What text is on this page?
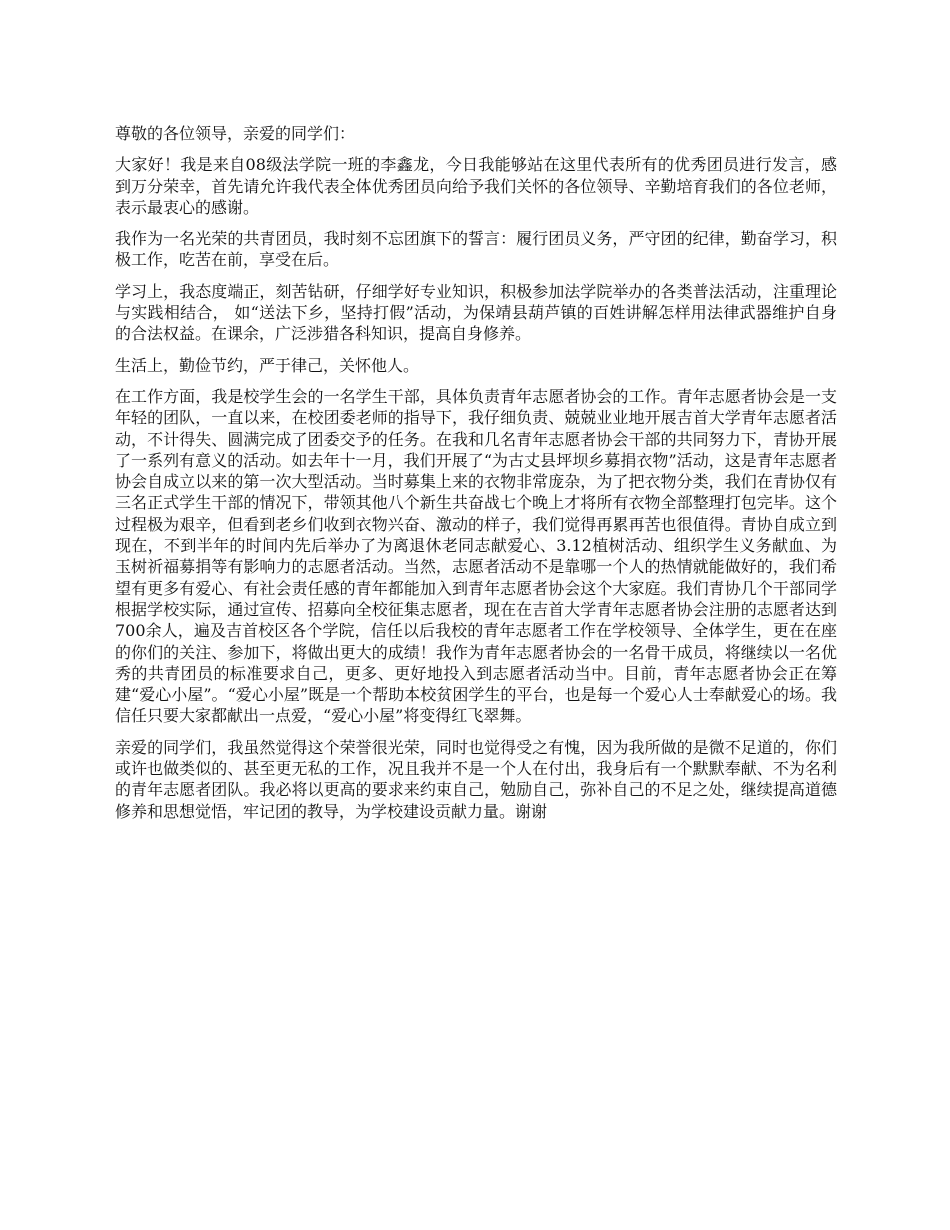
尊敬的各位领导，亲爱的同学们：

大家好！我是来自08级法学院一班的李鑫龙，今日我能够站在这里代表所有的优秀团员进行发言，感到万分荣幸，首先请允许我代表全体优秀团员向给予我们关怀的各位领导、辛勤培育我们的各位老师，表示最衷心的感谢。

我作为一名光荣的共青团员，我时刻不忘团旗下的誓言：履行团员义务，严守团的纪律，勤奋学习，积极工作，吃苦在前，享受在后。

学习上，我态度端正，刻苦钻研，仔细学好专业知识，积极参加法学院举办的各类普法活动，注重理论与实践相结合， 如“送法下乡，坚持打假”活动，为保靖县葫芦镇的百姓讲解怎样用法律武器维护自身的合法权益。在课余，广泛涉猎各科知识，提高自身修养。

生活上，勤俭节约，严于律己，关怀他人。

在工作方面，我是校学生会的一名学生干部，具体负责青年志愿者协会的工作。青年志愿者协会是一支年轻的团队，一直以来，在校团委老师的指导下，我仔细负责、兢兢业业地开展吉首大学青年志愿者活动，不计得失、圆满完成了团委交予的任务。在我和几名青年志愿者协会干部的共同努力下，青协开展了一系列有意义的活动。如去年十一月，我们开展了“为古丈县坪坝乡募捐衣物”活动，这是青年志愿者协会自成立以来的第一次大型活动。当时募集上来的衣物非常庞杂，为了把衣物分类，我们在青协仅有三名正式学生干部的情况下，带领其他八个新生共奋战七个晚上才将所有衣物全部整理打包完毕。这个过程极为艰辛，但看到老乡们收到衣物兴奋、激动的样子，我们觉得再累再苦也很值得。青协自成立到现在，不到半年的时间内先后举办了为离退休老同志献爱心、3.12植树活动、组织学生义务献血、为玉树祈福募捐等有影响力的志愿者活动。当然，志愿者活动不是靠哪一个人的热情就能做好的，我们希望有更多有爱心、有社会责任感的青年都能加入到青年志愿者协会这个大家庭。我们青协几个干部同学根据学校实际，通过宣传、招募向全校征集志愿者，现在在吉首大学青年志愿者协会注册的志愿者达到700余人，遍及吉首校区各个学院，信任以后我校的青年志愿者工作在学校领导、全体学生，更在在座的你们的关注、参加下，将做出更大的成绩！我作为青年志愿者协会的一名骨干成员，将继续以一名优秀的共青团员的标准要求自己，更多、更好地投入到志愿者活动当中。目前，青年志愿者协会正在筹建“爱心小屋”。“爱心小屋”既是一个帮助本校贫困学生的平台，也是每一个爱心人士奉献爱心的场。我信任只要大家都献出一点爱，“爱心小屋”将变得红飞翠舞。

亲爱的同学们，我虽然觉得这个荣誉很光荣，同时也觉得受之有愧，因为我所做的是微不足道的，你们或许也做类似的、甚至更无私的工作，况且我并不是一个人在付出，我身后有一个默默奉献、不为名利的青年志愿者团队。我必将以更高的要求来约束自己，勉励自己，弥补自己的不足之处，继续提高道德修养和思想觉悟，牢记团的教导，为学校建设贡献力量。谢谢
